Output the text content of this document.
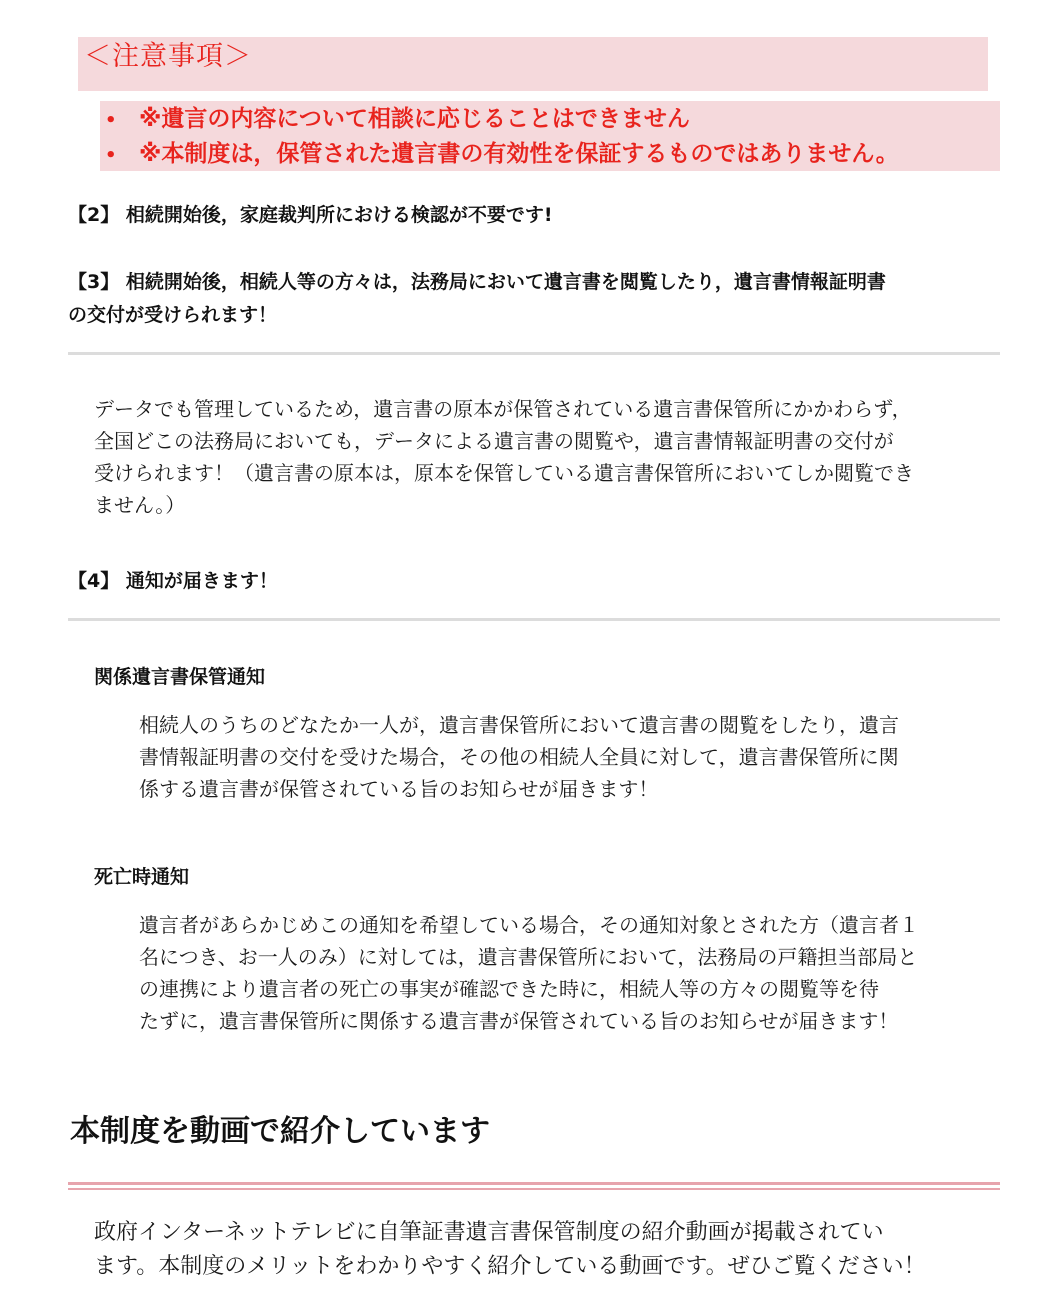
＜注意事項＞
• ※遺言の内容について相談に応じることはできません
• ※本制度は，保管された遺言書の有効性を保証するものではありません。
【2】 相続開始後，家庭裁判所における検認が不要です!
【3】 相続開始後，相続人等の方々は，法務局において遺言書を閲覧したり，遺言書情報証明書
の交付が受けられます！
データでも管理しているため，遺言書の原本が保管されている遺言書保管所にかかわらず，
全国どこの法務局においても，データによる遺言書の閲覧や，遺言書情報証明書の交付が
受けられます！（遺言書の原本は，原本を保管している遺言書保管所においてしか閲覧でき
ません。）
【4】 通知が届きます！
関係遺言書保管通知
相続人のうちのどなたか一人が，遺言書保管所において遺言書の閲覧をしたり，遺言
書情報証明書の交付を受けた場合，その他の相続人全員に対して，遺言書保管所に関
係する遺言書が保管されている旨のお知らせが届きます！
死亡時通知
遺言者があらかじめこの通知を希望している場合，その通知対象とされた方（遺言者１
名につき、お一人のみ）に対しては，遺言書保管所において，法務局の戸籍担当部局と
の連携により遺言者の死亡の事実が確認できた時に，相続人等の方々の閲覧等を待
たずに，遺言書保管所に関係する遺言書が保管されている旨のお知らせが届きます！
本制度を動画で紹介しています
政府インターネットテレビに自筆証書遺言書保管制度の紹介動画が掲載されてい
ます。本制度のメリットをわかりやすく紹介している動画です。ぜひご覧ください！
